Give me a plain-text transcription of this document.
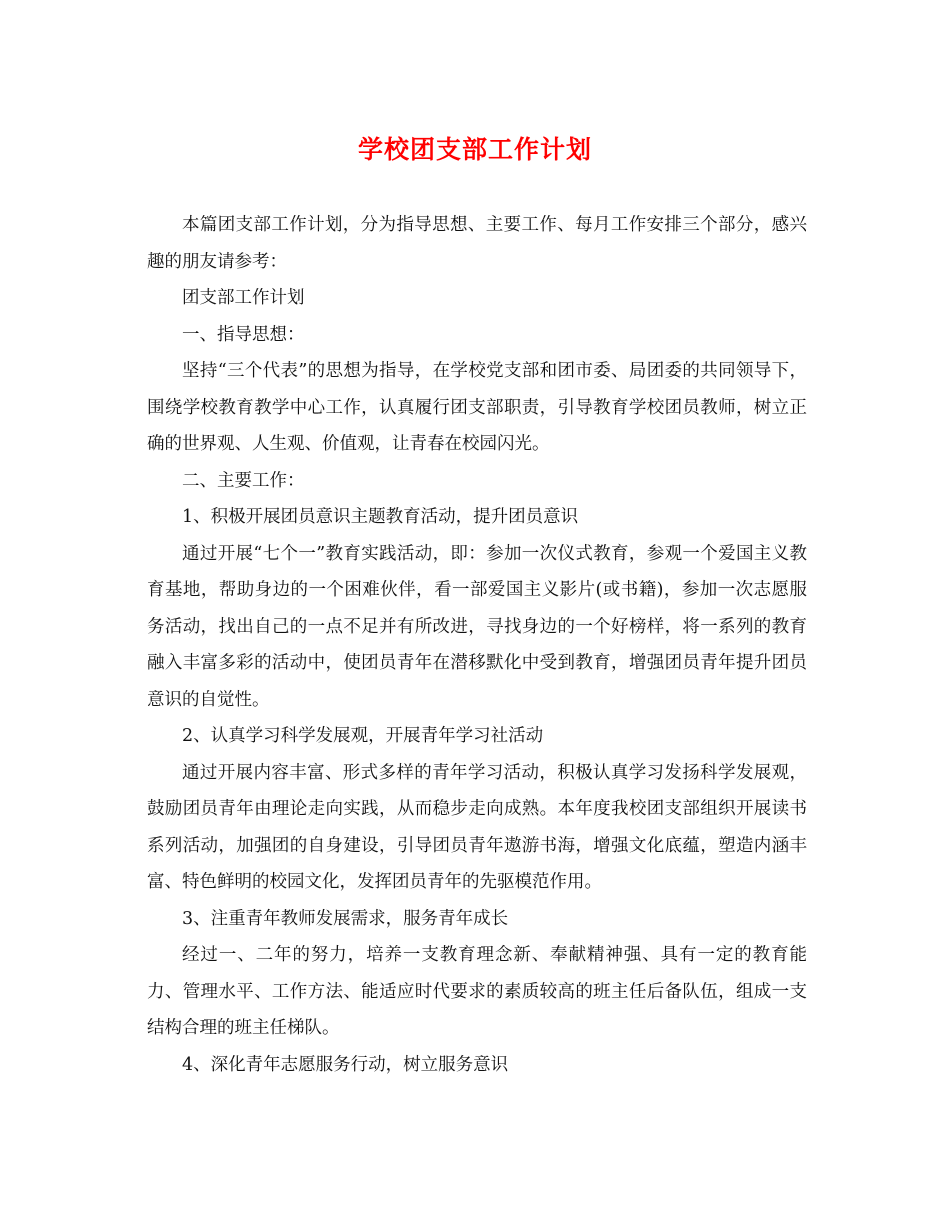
学校团支部工作计划

本篇团支部工作计划，分为指导思想、主要工作、每月工作安排三个部分，感兴趣的朋友请参考：

团支部工作计划

一、指导思想：

坚持“三个代表”的思想为指导，在学校党支部和团市委、局团委的共同领导下，围绕学校教育教学中心工作，认真履行团支部职责，引导教育学校团员教师，树立正确的世界观、人生观、价值观，让青春在校园闪光。

二、主要工作：

1、积极开展团员意识主题教育活动，提升团员意识

通过开展“七个一”教育实践活动，即：参加一次仪式教育，参观一个爱国主义教育基地，帮助身边的一个困难伙伴，看一部爱国主义影片(或书籍)，参加一次志愿服务活动，找出自己的一点不足并有所改进，寻找身边的一个好榜样，将一系列的教育融入丰富多彩的活动中，使团员青年在潜移默化中受到教育，增强团员青年提升团员意识的自觉性。

2、认真学习科学发展观，开展青年学习社活动

通过开展内容丰富、形式多样的青年学习活动，积极认真学习发扬科学发展观，鼓励团员青年由理论走向实践，从而稳步走向成熟。本年度我校团支部组织开展读书系列活动，加强团的自身建设，引导团员青年遨游书海，增强文化底蕴，塑造内涵丰富、特色鲜明的校园文化，发挥团员青年的先驱模范作用。

3、注重青年教师发展需求，服务青年成长

经过一、二年的努力，培养一支教育理念新、奉献精神强、具有一定的教育能力、管理水平、工作方法、能适应时代要求的素质较高的班主任后备队伍，组成一支结构合理的班主任梯队。

4、深化青年志愿服务行动，树立服务意识
